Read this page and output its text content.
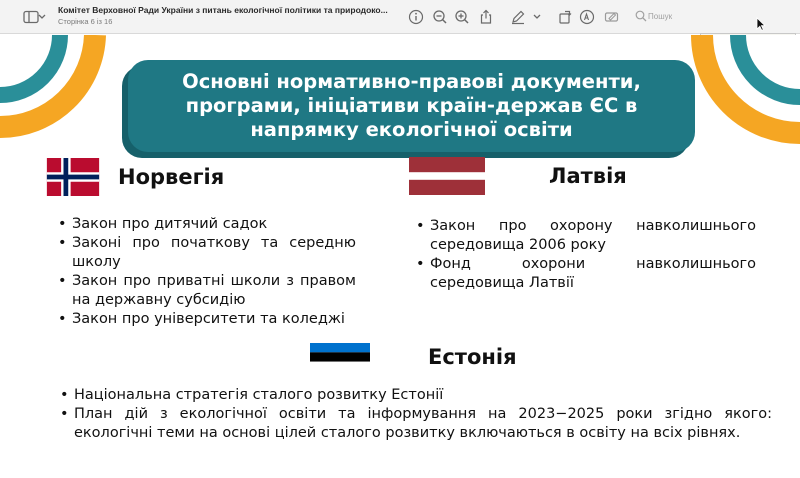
Комітет Верховної Ради України з питань екологічної політики та природоко...
Сторінка 6 із 16
Пошук
Основні нормативно-правові документи, програми, ініціативи країн-держав ЄС в напрямку екологічної освіти
Норвегія
• Закон про дитячий садок
• Законі про початкову та середню школу
• Закон про приватні школи з правом на державну субсидію
• Закон про університети та коледжі
Латвія
• Закон про охорону навколишнього середовища 2006 року
• Фонд охорони навколишнього середовища Латвії
Естонія
• Національна стратегія сталого розвитку Естонії
• План дій з екологічної освіти та інформування на 2023−2025 роки згідно якого: екологічні теми на основі цілей сталого розвитку включаються в освіту на всіх рівнях.
